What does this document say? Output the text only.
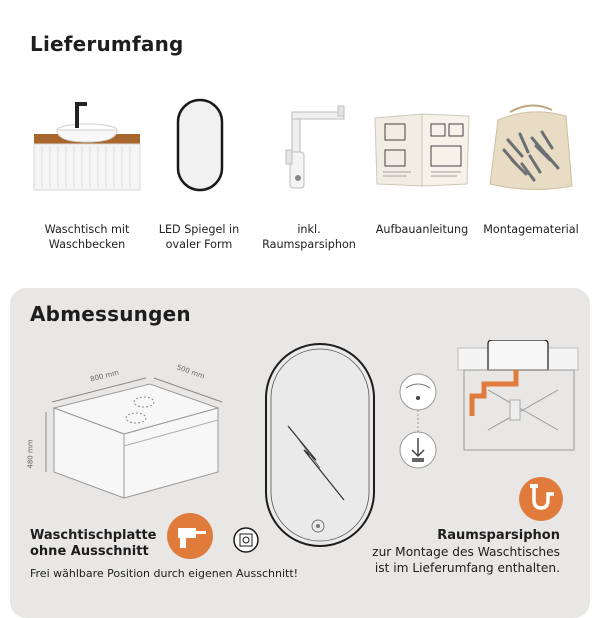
Lieferumfang
Waschtisch mit
Waschbecken
LED Spiegel in
ovaler Form
inkl. Raumsparsiphon
Aufbauanleitung	Montagematerial
Abmessungen
800 mm	500 mm
480 mm
Waschtischplatte
ohne Ausschnitt
Frei wählbare Position durch eigenen Ausschnitt!
Raumsparsiphon
zur Montage des Waschtisches
ist im Lieferumfang enthalten.
